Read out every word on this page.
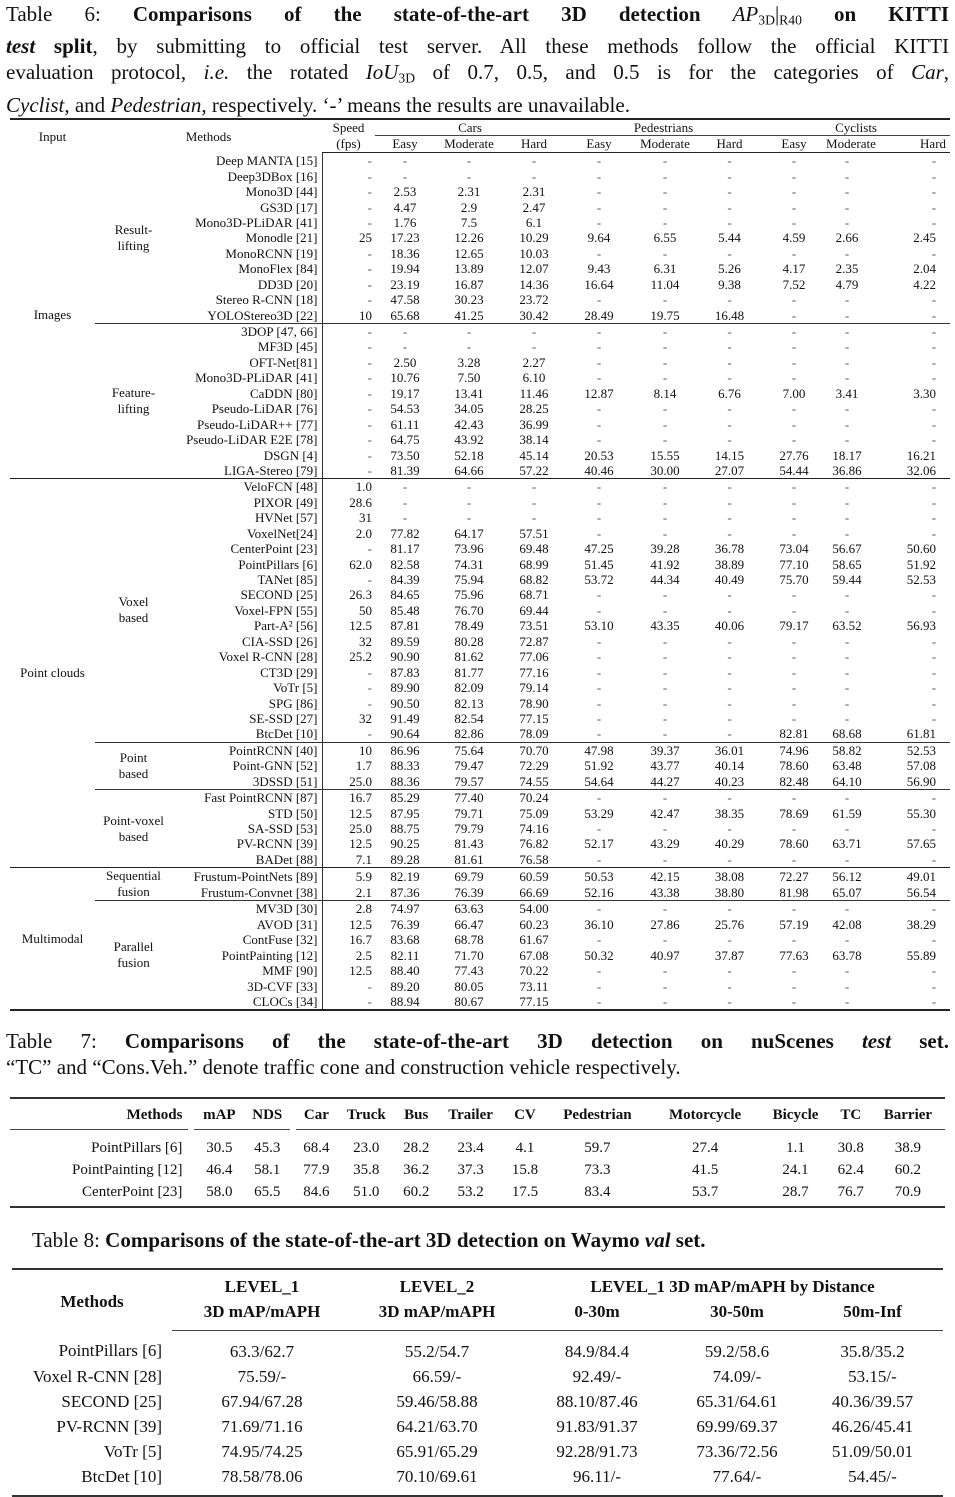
Table 6: Comparisons of the state-of-the-art 3D detection $AP_{3D}|_{R40}$ on KITTI
test split, by submitting to official test server. All these methods follow the official KITTI
evaluation protocol, i.e. the rotated IoU$_{3D}$ of 0.7, 0.5, and 0.5 is for the categories of Car,
Cyclist, and Pedestrian, respectively. ‘-’ means the results are unavailable.
Input	Methods		Speed	Cars			Pedestrians			Cyclists		
			(fps)	Easy	Moderate	Hard	Easy	Moderate	Hard	Easy	Moderate	Hard
Images	Result-
lifting	Deep MANTA [15]	-	-	-	-	-	-	-	-	-	-
		Deep3DBox [16]	-	-	-	-	-	-	-	-	-	-
		Mono3D [44]	-	2.53	2.31	2.31	-	-	-	-	-	-
		GS3D [17]	-	4.47	2.9	2.47	-	-	-	-	-	-
		Mono3D-PLiDAR [41]	-	1.76	7.5	6.1	-	-	-	-	-	-
		Monodle [21]	25	17.23	12.26	10.29	9.64	6.55	5.44	4.59	2.66	2.45
		MonoRCNN [19]	-	18.36	12.65	10.03	-	-	-	-	-	-
		MonoFlex [84]	-	19.94	13.89	12.07	9.43	6.31	5.26	4.17	2.35	2.04
		DD3D [20]	-	23.19	16.87	14.36	16.64	11.04	9.38	7.52	4.79	4.22
		Stereo R-CNN [18]	-	47.58	30.23	23.72	-	-	-	-	-	-
		YOLOStereo3D [22]	10	65.68	41.25	30.42	28.49	19.75	16.48	-	-	-

	Feature-
lifting	3DOP [47, 66]	-	-	-	-	-	-	-	-	-	-
		MF3D [45]	-	-	-	-	-	-	-	-	-	-
		OFT-Net[81]	-	2.50	3.28	2.27	-	-	-	-	-	-
		Mono3D-PLiDAR [41]	-	10.76	7.50	6.10	-	-	-	-	-	-
		CaDDN [80]	-	19.17	13.41	11.46	12.87	8.14	6.76	7.00	3.41	3.30
		Pseudo-LiDAR [76]	-	54.53	34.05	28.25	-	-	-	-	-	-
		Pseudo-LiDAR++ [77]	-	61.11	42.43	36.99	-	-	-	-	-	-
		Pseudo-LiDAR E2E [78]	-	64.75	43.92	38.14	-	-	-	-	-	-
		DSGN [4]	-	73.50	52.18	45.14	20.53	15.55	14.15	27.76	18.17	16.21
		LIGA-Stereo [79]	-	81.39	64.66	57.22	40.46	30.00	27.07	54.44	36.86	32.06
Point clouds	Voxel
based	VeloFCN [48]	1.0	-	-	-	-	-	-	-	-	-
		PIXOR [49]	28.6	-	-	-	-	-	-	-	-	-
		HVNet [57]	31	-	-	-	-	-	-	-	-	-
		VoxelNet[24]	2.0	77.82	64.17	57.51	-	-	-	-	-	-
		CenterPoint [23]	-	81.17	73.96	69.48	47.25	39.28	36.78	73.04	56.67	50.60
		PointPillars [6]	62.0	82.58	74.31	68.99	51.45	41.92	38.89	77.10	58.65	51.92
		TANet [85]	-	84.39	75.94	68.82	53.72	44.34	40.49	75.70	59.44	52.53
		SECOND [25]	26.3	84.65	75.96	68.71	-	-	-	-	-	-
		Voxel-FPN [55]	50	85.48	76.70	69.44	-	-	-	-	-	-
		Part-A² [56]	12.5	87.81	78.49	73.51	53.10	43.35	40.06	79.17	63.52	56.93
		CIA-SSD [26]	32	89.59	80.28	72.87	-	-	-	-	-	-
		Voxel R-CNN [28]	25.2	90.90	81.62	77.06	-	-	-	-	-	-
		CT3D [29]	-	87.83	81.77	77.16	-	-	-	-	-	-
		VoTr [5]	-	89.90	82.09	79.14	-	-	-	-	-	-
		SPG [86]	-	90.50	82.13	78.90	-	-	-	-	-	-
		SE-SSD [27]	32	91.49	82.54	77.15	-	-	-	-	-	-
		BtcDet [10]	-	90.64	82.86	78.09	-	-	-	82.81	68.68	61.81

	Point
based	PointRCNN [40]	10	86.96	75.64	70.70	47.98	39.37	36.01	74.96	58.82	52.53
		Point-GNN [52]	1.7	88.33	79.47	72.29	51.92	43.77	40.14	78.60	63.48	57.08
		3DSSD [51]	25.0	88.36	79.57	74.55	54.64	44.27	40.23	82.48	64.10	56.90

	Point-voxel
based	Fast PointRCNN [87]	16.7	85.29	77.40	70.24	-	-	-	-	-	-
		STD [50]	12.5	87.95	79.71	75.09	53.29	42.47	38.35	78.69	61.59	55.30
		SA-SSD [53]	25.0	88.75	79.79	74.16	-	-	-	-	-	-
		PV-RCNN [39]	12.5	90.25	81.43	76.82	52.17	43.29	40.29	78.60	63.71	57.65
		BADet [88]	7.1	89.28	81.61	76.58	-	-	-	-	-	-
Multimodal	Sequential
fusion	Frustum-PointNets [89]	5.9	82.19	69.79	60.59	50.53	42.15	38.08	72.27	56.12	49.01
		Frustum-Convnet [38]	2.1	87.36	76.39	66.69	52.16	43.38	38.80	81.98	65.07	56.54

	Parallel
fusion	MV3D [30]	2.8	74.97	63.63	54.00	-	-	-	-	-	-
		AVOD [31]	12.5	76.39	66.47	60.23	36.10	27.86	25.76	57.19	42.08	38.29
		ContFuse [32]	16.7	83.68	68.78	61.67	-	-	-	-	-	-
		PointPainting [12]	2.5	82.11	71.70	67.08	50.32	40.97	37.87	77.63	63.78	55.89
		MMF [90]	12.5	88.40	77.43	70.22	-	-	-	-	-	-
		3D-CVF [33]	-	89.20	80.05	73.11	-	-	-	-	-	-
		CLOCs [34]	-	88.94	80.67	77.15	-	-	-	-	-	-
Table 7: Comparisons of the state-of-the-art 3D detection on nuScenes test set.
“TC” and “Cons.Veh.” denote traffic cone and construction vehicle respectively.
Methods		mAP	NDS		Car	Truck	Bus	Trailer	CV	Pedestrian	Motorcycle	Bicycle	TC	Barrier
PointPillars [6]		30.5	45.3		68.4	23.0	28.2	23.4	4.1	59.7	27.4	1.1	30.8	38.9
PointPainting [12]		46.4	58.1		77.9	35.8	36.2	37.3	15.8	73.3	41.5	24.1	62.4	60.2
CenterPoint [23]		58.0	65.5		84.6	51.0	60.2	53.2	17.5	83.4	53.7	28.7	76.7	70.9
Table 8: Comparisons of the state-of-the-art 3D detection on Waymo val set.
Methods	LEVEL_1	LEVEL_2	LEVEL_1 3D mAP/mAPH by Distance		
	3D mAP/mAPH	3D mAP/mAPH	0-30m	30-50m	50m-Inf
PointPillars [6]	63.3/62.7	55.2/54.7	84.9/84.4	59.2/58.6	35.8/35.2
Voxel R-CNN [28]	75.59/-	66.59/-	92.49/-	74.09/-	53.15/-
SECOND [25]	67.94/67.28	59.46/58.88	88.10/87.46	65.31/64.61	40.36/39.57
PV-RCNN [39]	71.69/71.16	64.21/63.70	91.83/91.37	69.99/69.37	46.26/45.41
VoTr [5]	74.95/74.25	65.91/65.29	92.28/91.73	73.36/72.56	51.09/50.01
BtcDet [10]	78.58/78.06	70.10/69.61	96.11/-	77.64/-	54.45/-
